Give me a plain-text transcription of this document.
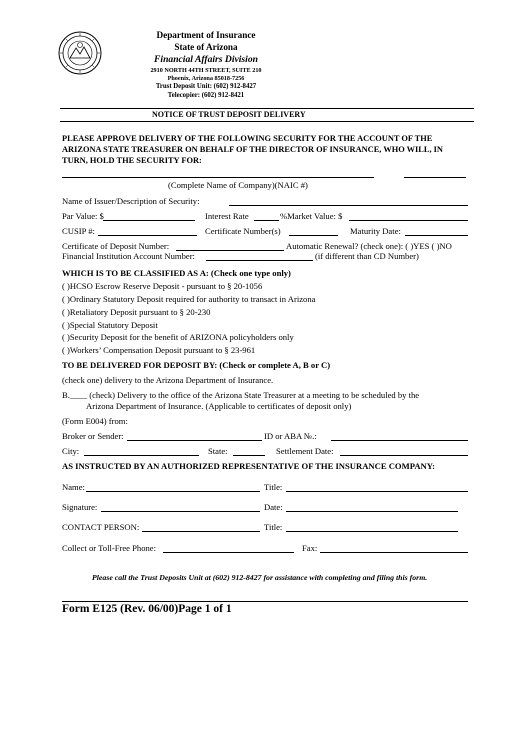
Department of Insurance
State of Arizona
Financial Affairs Division
2910 NORTH 44TH STREET, SUITE 210
Phoenix, Arizona 85018-7256
Trust Deposit Unit: (602) 912-8427
Telecopier: (602) 912-8421
NOTICE OF TRUST DEPOSIT DELIVERY
PLEASE APPROVE DELIVERY OF THE FOLLOWING SECURITY FOR THE ACCOUNT OF THE
ARIZONA STATE TREASURER ON BEHALF OF THE DIRECTOR OF INSURANCE, WHO WILL, IN
TURN, HOLD THE SECURITY FOR:
(Complete Name of Company)(NAIC #)
Name of Issuer/Description of Security:
Par Value: $	Interest Rate	%Market Value: $
CUSIP #:	Certificate Number(s)	Maturity Date:
Certificate of Deposit Number:	Automatic Renewal? (check one): ( )YES ( )NO
Financial Institution Account Number:	(if different than CD Number)
WHICH IS TO BE CLASSIFIED AS A: (Check one type only)
( )HCSO Escrow Reserve Deposit - pursuant to § 20-1056
( )Ordinary Statutory Deposit required for authority to transact in Arizona
( )Retaliatory Deposit pursuant to § 20-230
( )Special Statutory Deposit
( )Security Deposit for the benefit of ARIZONA policyholders only
( )Workers’ Compensation Deposit pursuant to § 23-961
TO BE DELIVERED FOR DEPOSIT BY: (Check or complete A, B or C)
(check one) delivery to the Arizona Department of Insurance.
B.____ (check) Delivery to the office of the Arizona State Treasurer at a meeting to be scheduled by the
Arizona Department of Insurance. (Applicable to certificates of deposit only)
(Form E004) from:
Broker or Sender:	ID or ABA №.:
City:	State:	Settlement Date:
AS INSTRUCTED BY AN AUTHORIZED REPRESENTATIVE OF THE INSURANCE COMPANY:
Name:	Title:
Signature:	Date:
CONTACT PERSON:	Title:
Collect or Toll-Free Phone:	Fax:
Please call the Trust Deposits Unit at (602) 912-8427 for assistance with completing and filing this form.
Form E125 (Rev. 06/00)Page 1 of 1
